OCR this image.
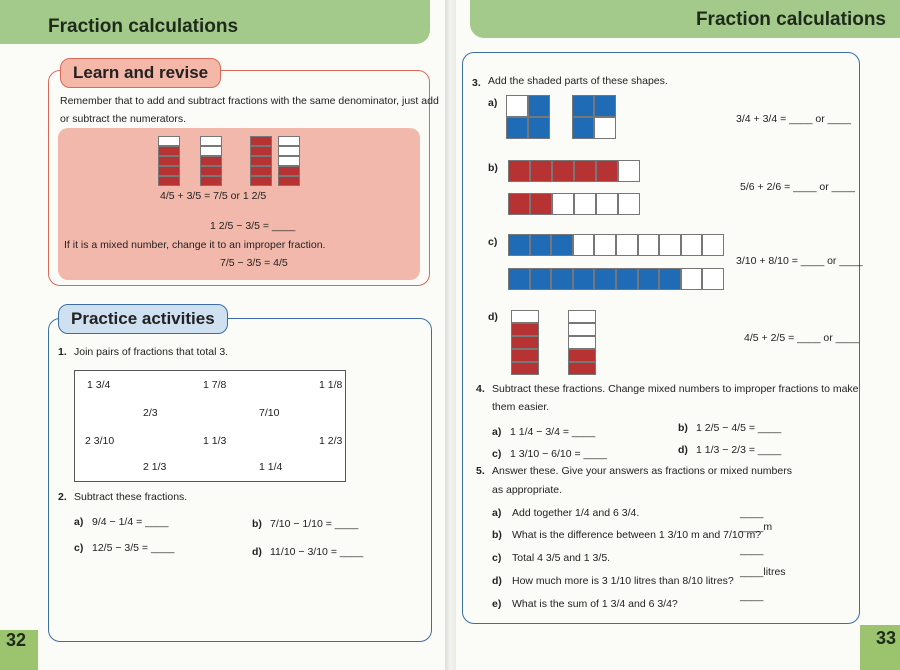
Fraction calculations
Learn and revise
Remember that to add and subtract fractions with the same denominator, just add
or subtract the numerators.
4/5 + 3/5 = 7/5 or 1 2/5
1 2/5 − 3/5 = ____
If it is a mixed number, change it to an improper fraction.
7/5 − 3/5 = 4/5
Practice activities
1. Join pairs of fractions that total 3.
1 3/4	1 7/8	1 1/8
2/3	7/10
2 3/10	1 1/3	1 2/3
2 1/3	1 1/4
2. Subtract these fractions.
a) 9/4 − 1/4 = ____	b) 7/10 − 1/10 = ____
c) 12/5 − 3/5 = ____	d) 11/10 − 3/10 = ____
32
Fraction calculations
3. Add the shaded parts of these shapes.
a)
3/4 + 3/4 = ____ or ____
b)
5/6 + 2/6 = ____ or ____
c)
3/10 + 8/10 = ____ or ____
d)
4/5 + 2/5 = ____ or ____
4. Subtract these fractions. Change mixed numbers to improper fractions to make
them easier.
a) 1 1/4 − 3/4 = ____	b) 1 2/5 − 4/5 = ____
c) 1 3/10 − 6/10 = ____	d) 1 1/3 − 2/3 = ____
5. Answer these. Give your answers as fractions or mixed numbers
as appropriate.
a) Add together 1/4 and 6 3/4.	____
b) What is the difference between 1 3/10 m and 7/10 m?
____m
c) Total 4 3/5 and 1 3/5.
____
d) How much more is 3 1/10 litres than 8/10 litres?
____litres
e) What is the sum of 1 3/4 and 6 3/4?
____
33
